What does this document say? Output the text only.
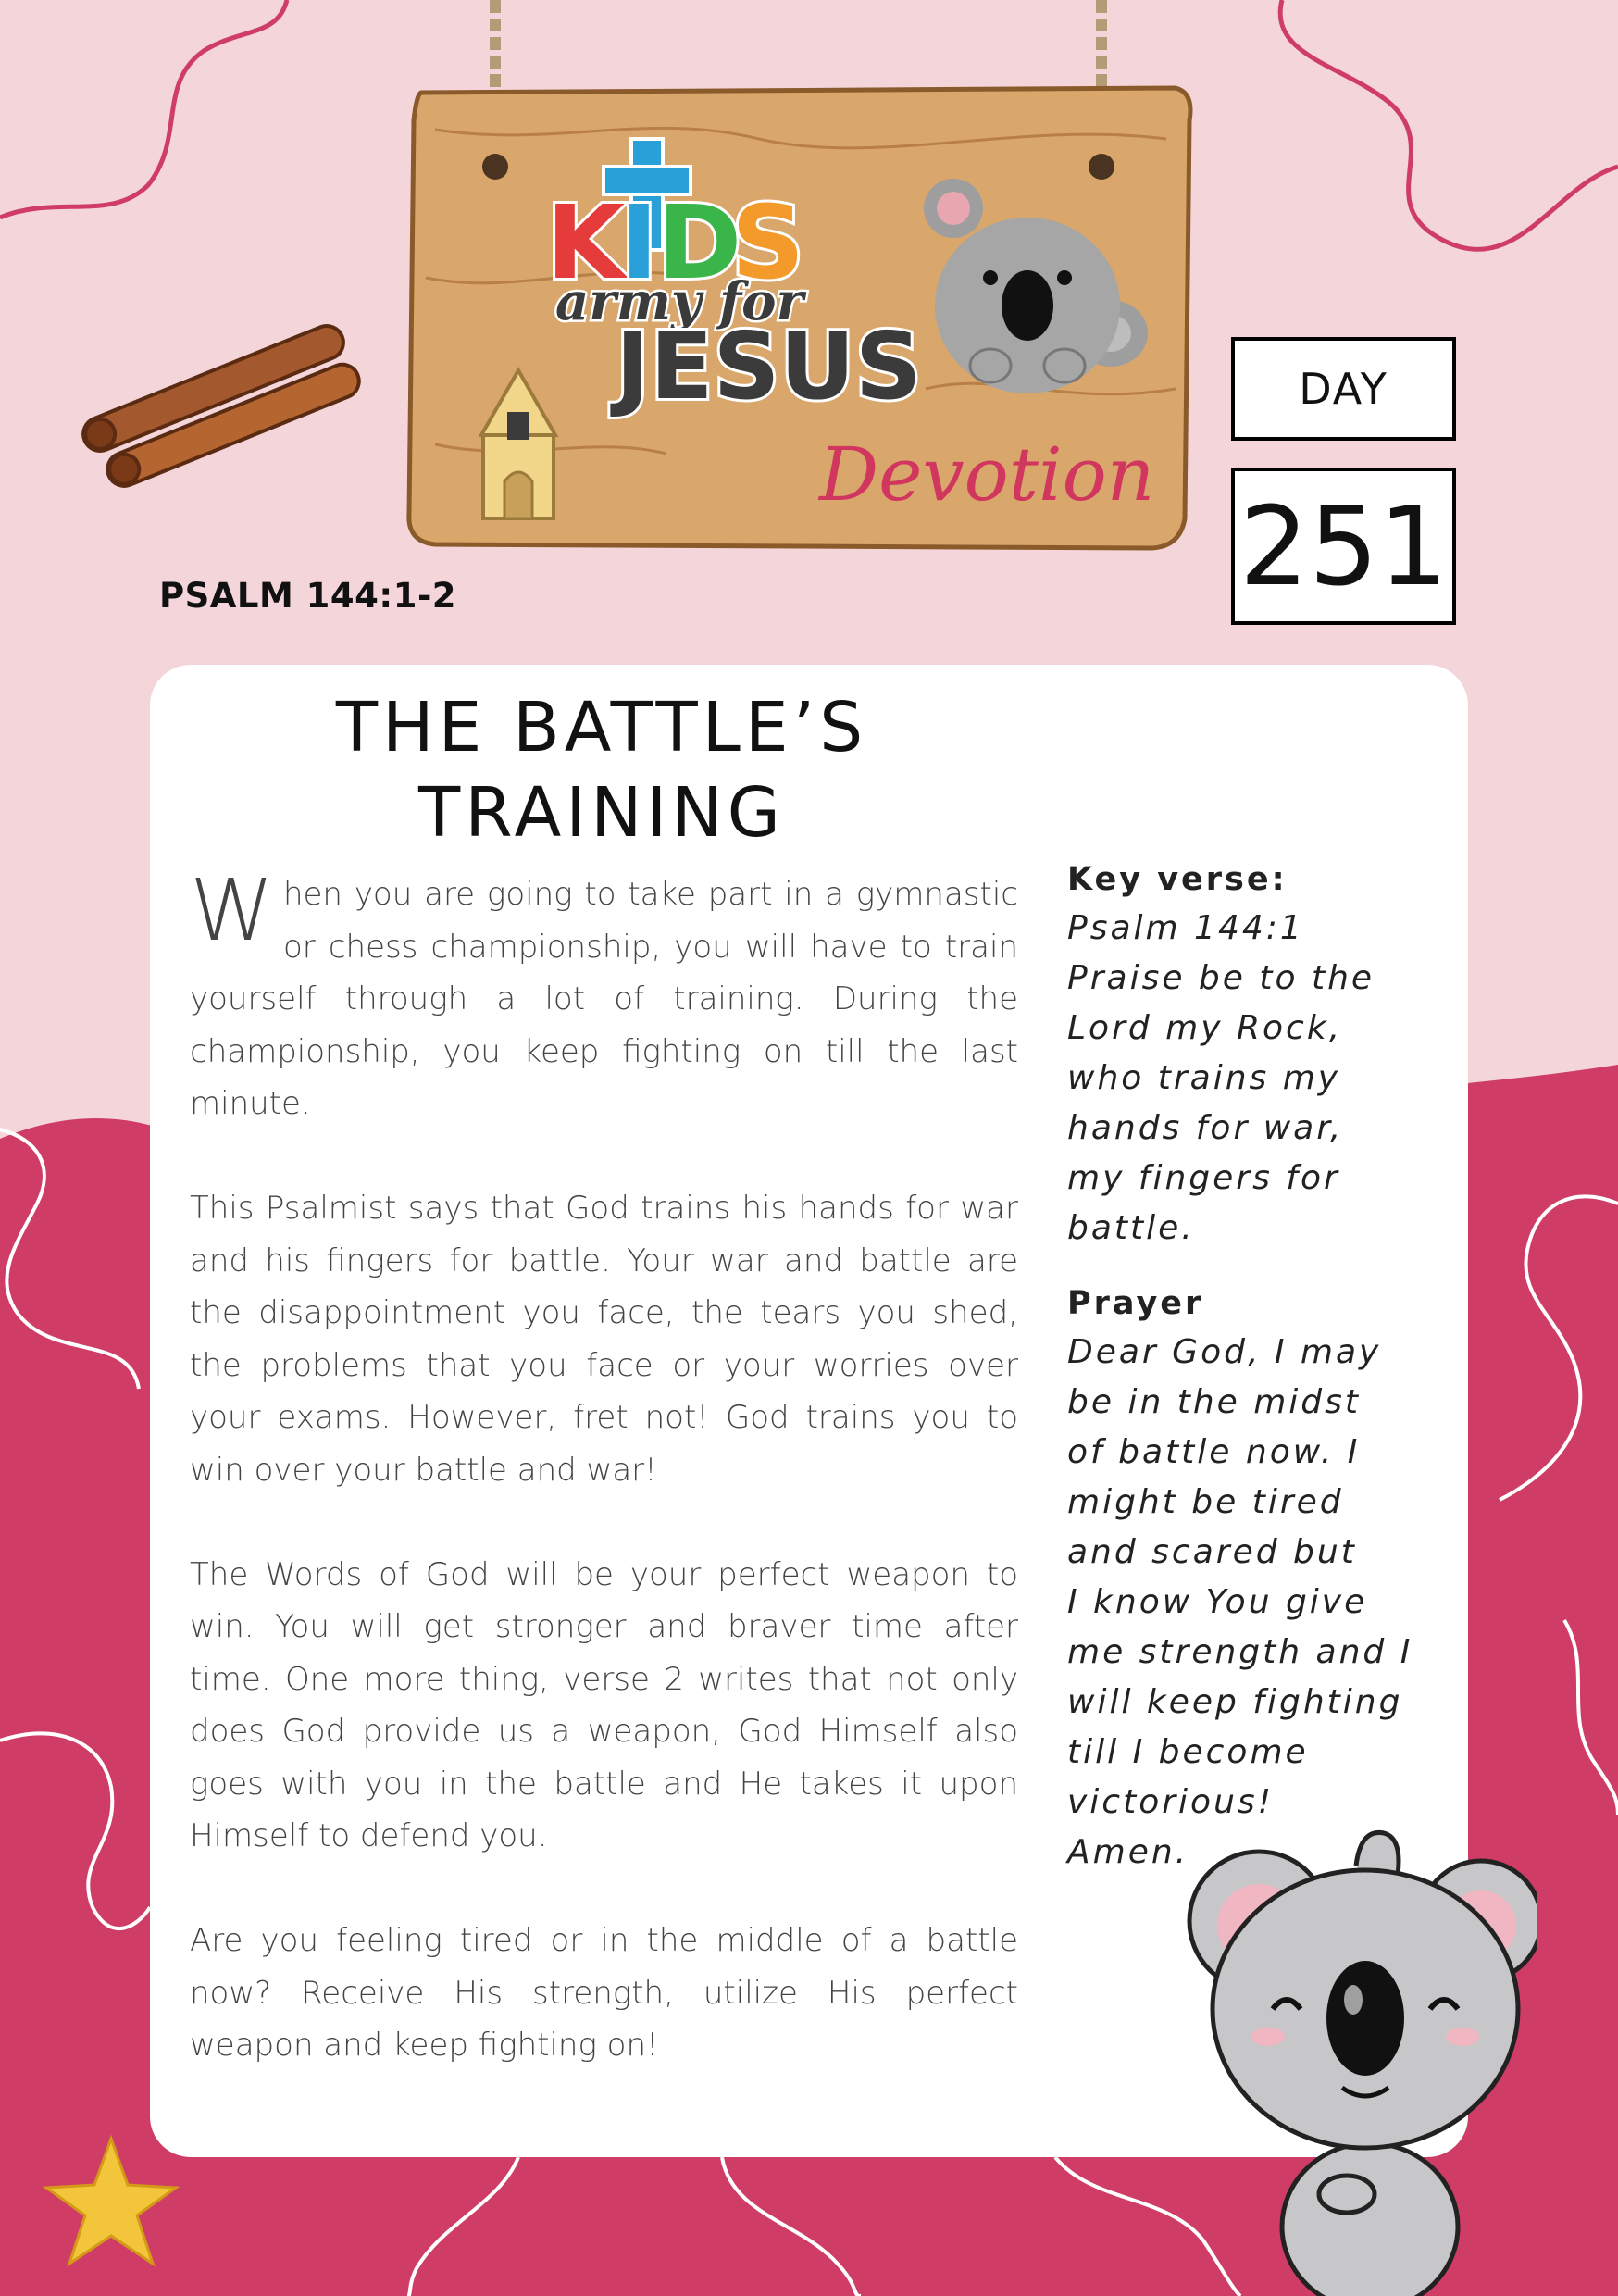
K
I D
S
army for
JESUS
Devotion
DAY
251
PSALM 144:1-2
THE BATTLE’S
TRAINING

When you are going to take part in a gymnastic or chess championship, you will have to train yourself through a lot of training. During the championship, you keep fighting on till the last minute.

This Psalmist says that God trains his hands for war and his fingers for battle. Your war and battle are the disappointment you face, the tears you shed, the problems that you face or your worries over your exams. However, fret not! God trains you to win over your battle and war!

The Words of God will be your perfect weapon to win. You will get stronger and braver time after time. One more thing, verse 2 writes that not only does God provide us a weapon, God Himself also goes with you in the battle and He takes it upon Himself to defend you.

Are you feeling tired or in the middle of a battle now? Receive His strength, utilize His perfect weapon and keep fighting on!

Key verse:
Psalm 144:1
Praise be to the
Lord my Rock,
who trains my
hands for war,
my fingers for
battle.
Prayer
Dear God, I may
be in the midst
of battle now. I
might be tired
and scared but
I know You give
me strength and I
will keep fighting
till I become
victorious!
Amen.
